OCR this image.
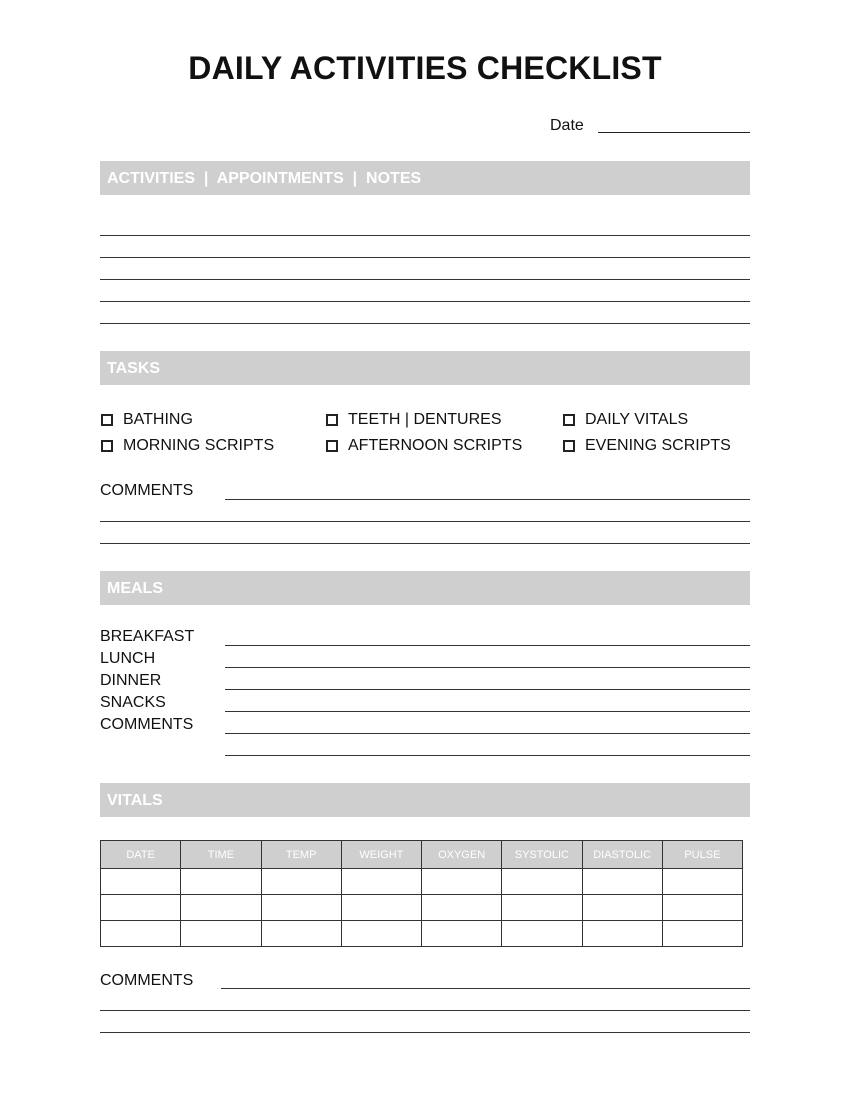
DAILY ACTIVITIES CHECKLIST
Date
ACTIVITIES  |  APPOINTMENTS  |  NOTES
TASKS
BATHING	TEETH | DENTURES	DAILY VITALS
MORNING SCRIPTS	AFTERNOON SCRIPTS	EVENING SCRIPTS
COMMENTS
MEALS
BREAKFAST
LUNCH
DINNER
SNACKS
COMMENTS
VITALS
DATE	TIME	TEMP	WEIGHT	OXYGEN	SYSTOLIC	DIASTOLIC	PULSE

COMMENTS
